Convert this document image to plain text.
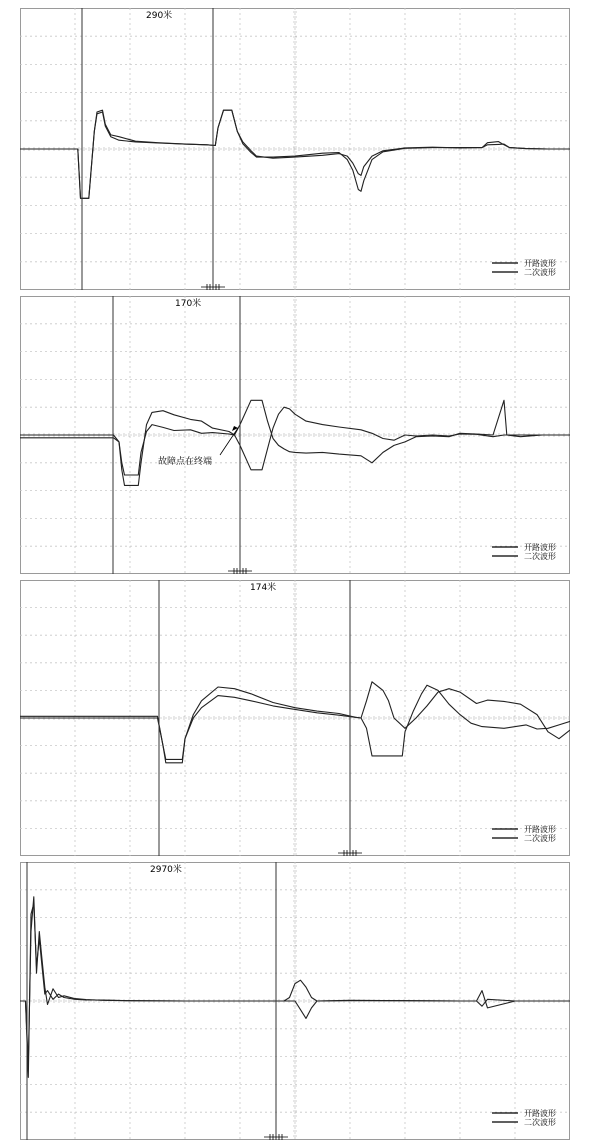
290米
开路波形
二次波形
170米
故障点在终端
开路波形
二次波形
174米
开路波形
二次波形
2970米
开路波形
二次波形
